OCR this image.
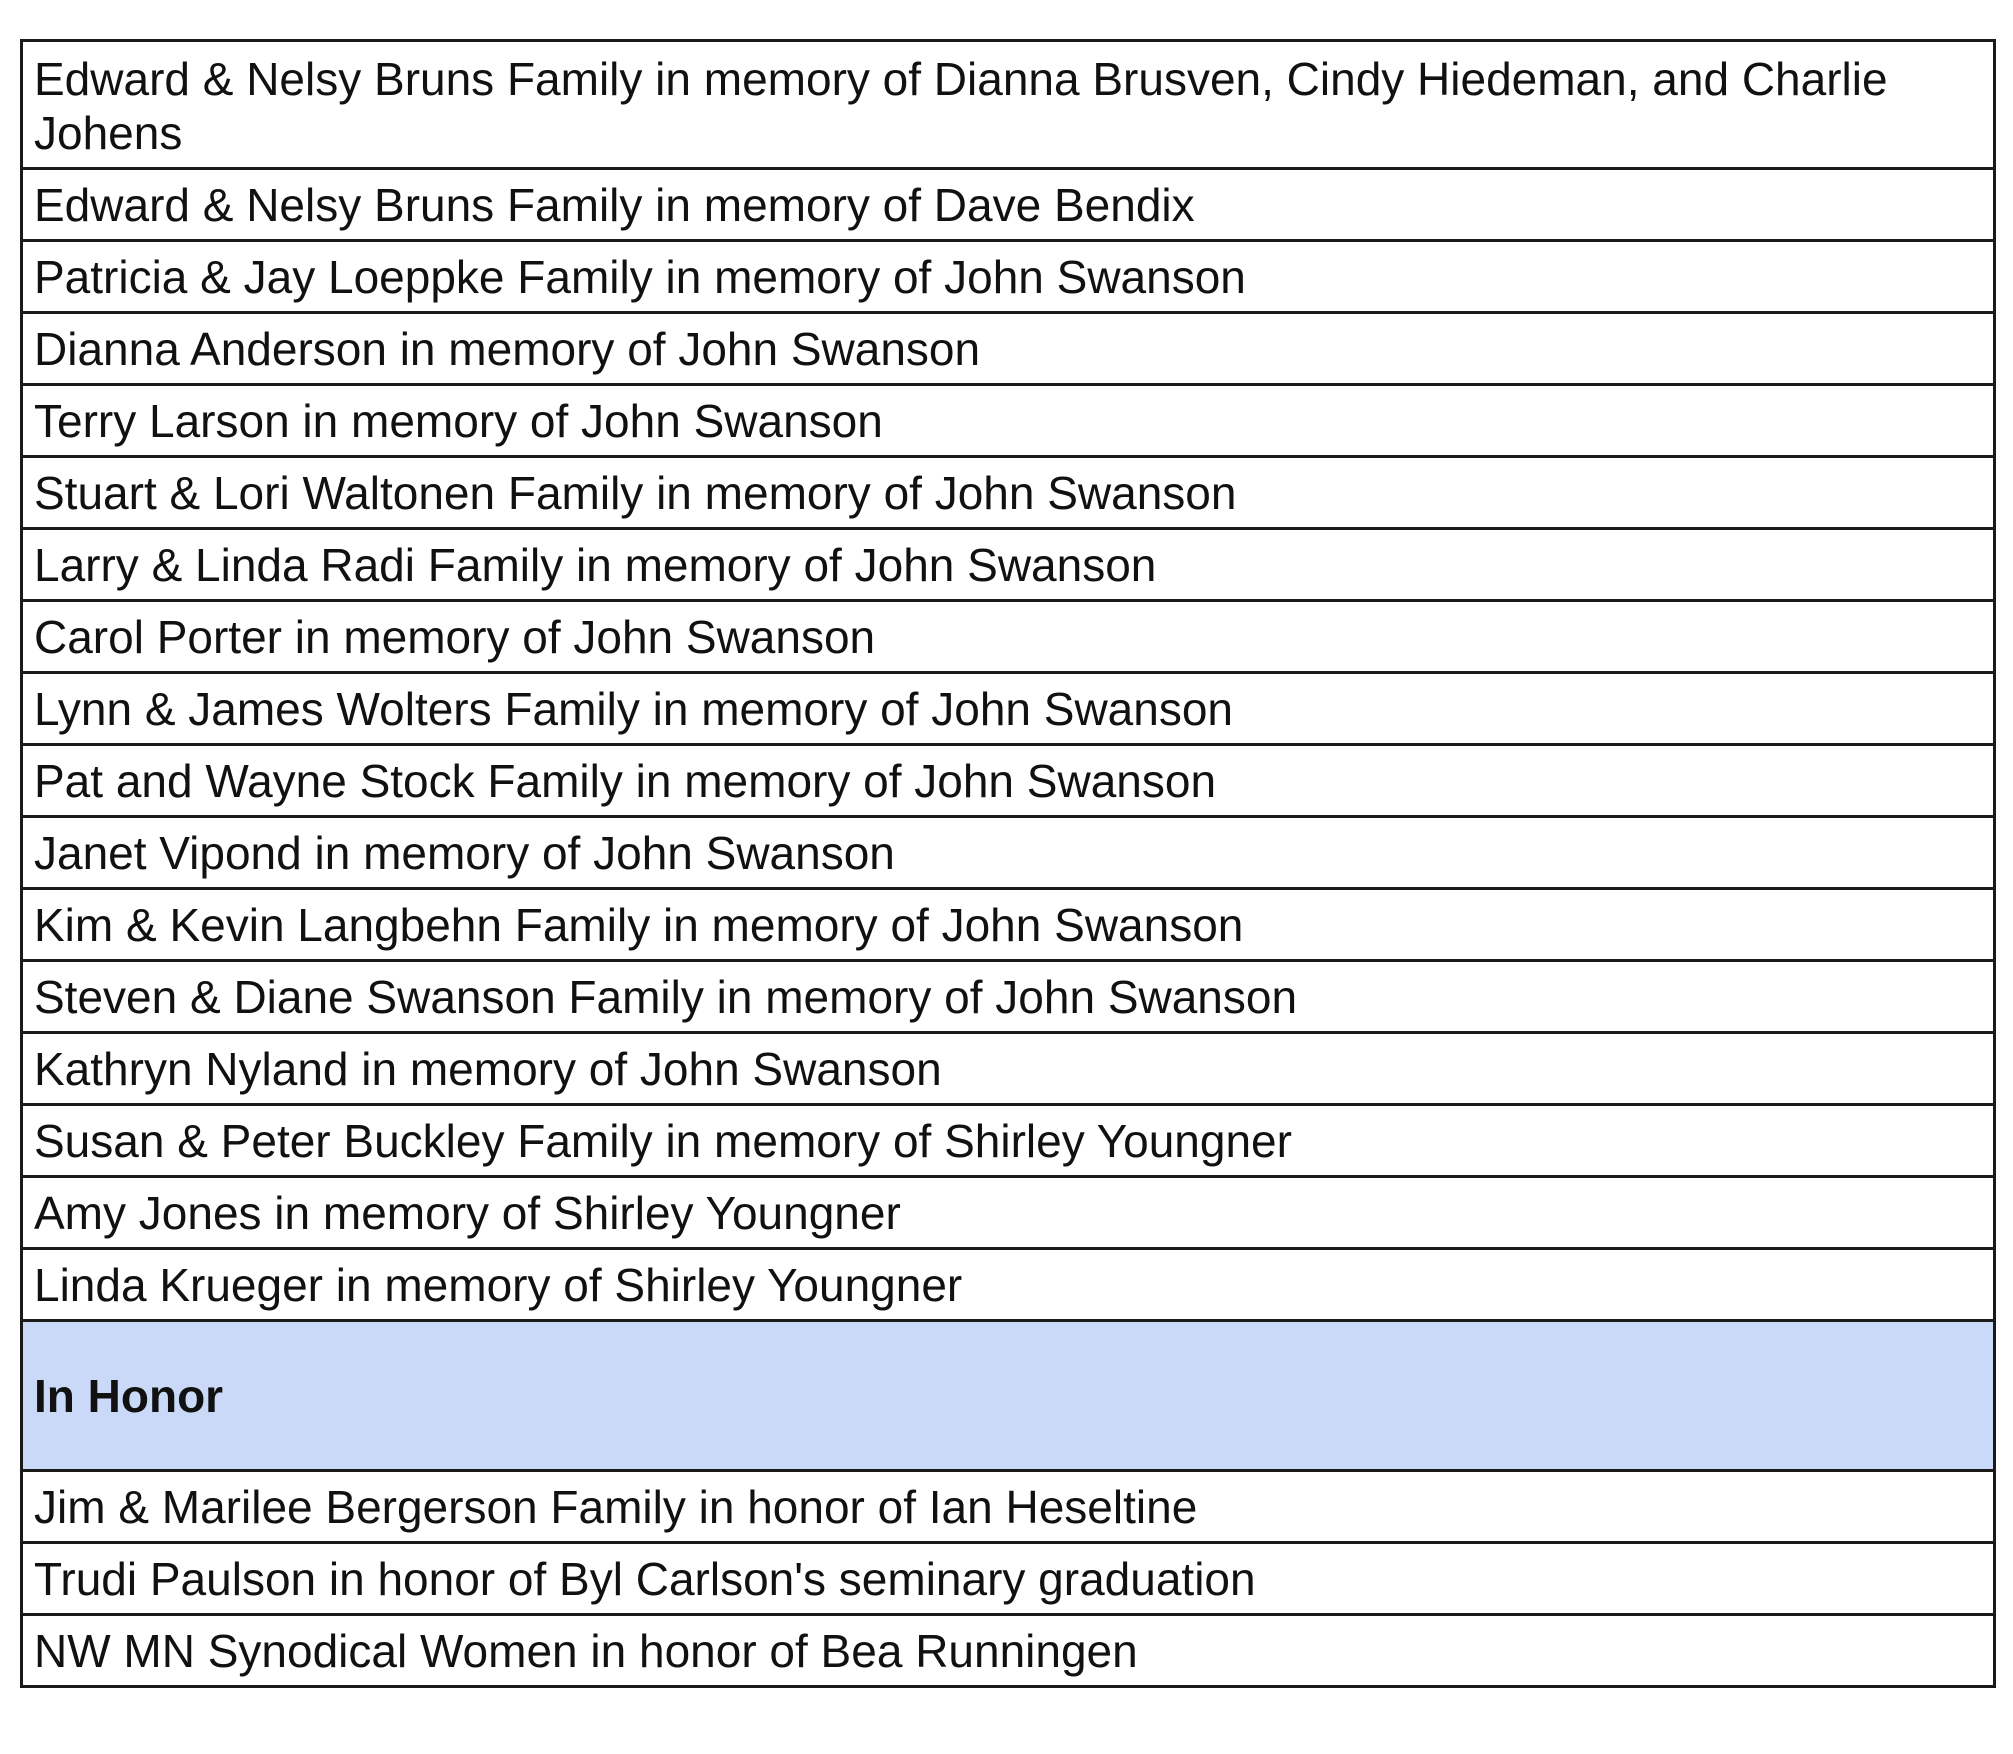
Edward & Nelsy Bruns Family in memory of Dianna Brusven, Cindy Hiedeman, and Charlie Johens
Edward & Nelsy Bruns Family in memory of Dave Bendix
Patricia & Jay Loeppke Family in memory of John Swanson
Dianna Anderson in memory of John Swanson
Terry Larson in memory of John Swanson
Stuart & Lori Waltonen Family in memory of John Swanson
Larry & Linda Radi Family in memory of John Swanson
Carol Porter in memory of John Swanson
Lynn & James Wolters Family in memory of John Swanson
Pat and Wayne Stock Family in memory of John Swanson
Janet Vipond in memory of John Swanson
Kim & Kevin Langbehn Family in memory of John Swanson
Steven & Diane Swanson Family in memory of John Swanson
Kathryn Nyland in memory of John Swanson
Susan & Peter Buckley Family in memory of Shirley Youngner
Amy Jones in memory of Shirley Youngner
Linda Krueger in memory of Shirley Youngner
In Honor
Jim & Marilee Bergerson Family in honor of Ian Heseltine
Trudi Paulson in honor of Byl Carlson's seminary graduation
NW MN Synodical Women in honor of Bea Runningen
